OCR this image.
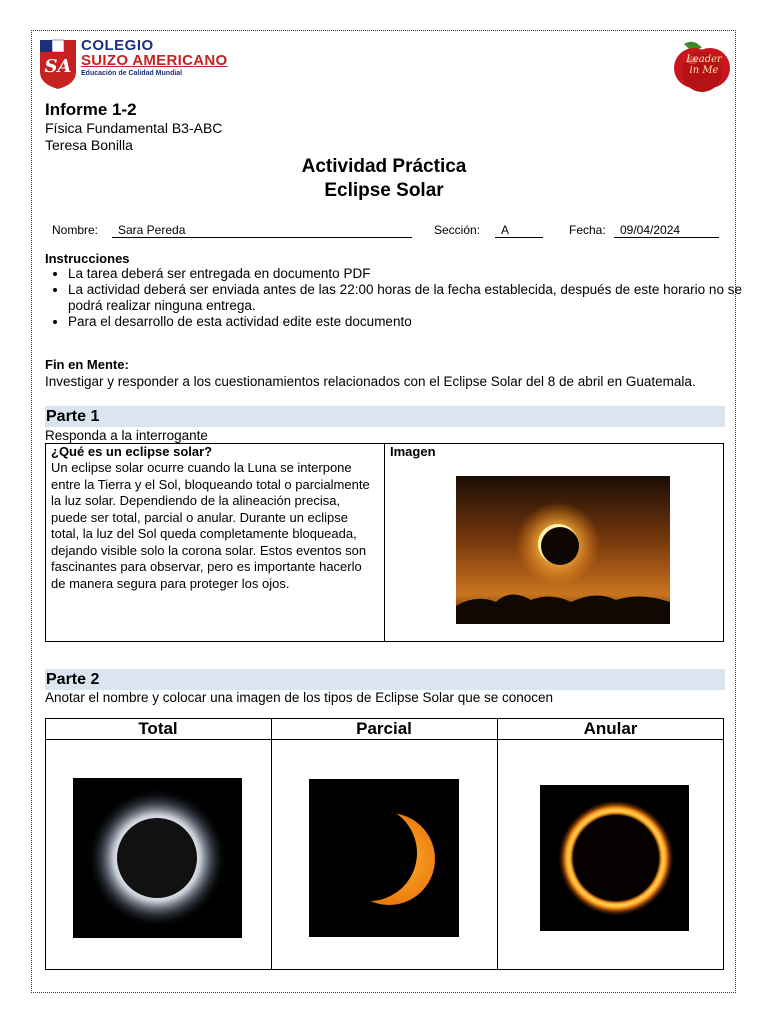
SA
COLEGIO
SUIZO AMERICANO
Educación de Calidad Mundial
Leader in Me
Informe 1-2
Física Fundamental B3-ABC
Teresa Bonilla
Actividad Práctica
Eclipse Solar
Nombre:	Sara Pereda	Sección:	A	Fecha:	09/04/2024
Instrucciones
• La tarea deberá ser entregada en documento PDF
• La actividad deberá ser enviada antes de las 22:00 horas de la fecha establecida, después de este horario no se podrá realizar ninguna entrega.
• Para el desarrollo de esta actividad edite este documento
Fin en Mente:
Investigar y responder a los cuestionamientos relacionados con el Eclipse Solar del 8 de abril en Guatemala.
Parte 1
Responda a la interrogante
¿Qué es un eclipse solar?
Un eclipse solar ocurre cuando la Luna se interpone entre la Tierra y el Sol, bloqueando total o parcialmente la luz solar. Dependiendo de la alineación precisa, puede ser total, parcial o anular. Durante un eclipse total, la luz del Sol queda completamente bloqueada, dejando visible solo la corona solar. Estos eventos son fascinantes para observar, pero es importante hacerlo de manera segura para proteger los ojos.
Imagen
Parte 2
Anotar el nombre y colocar una imagen de los tipos de Eclipse Solar que se conocen
Total	Parcial	Anular
